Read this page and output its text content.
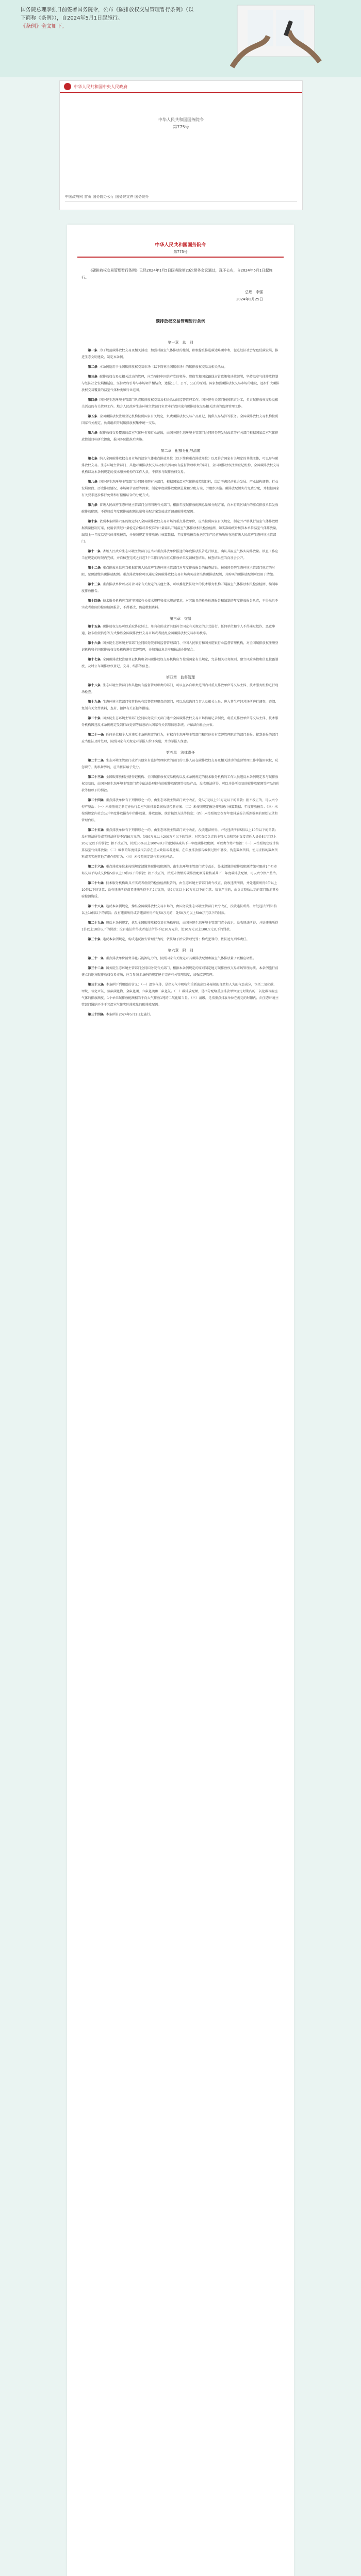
国务院总理李强日前签署国务院令，公布《碳排放权交易管理暂行条例》（以
下简称《条例》），自2024年5月1日起施行。
《条例》全文如下。
中华人民共和国中央人民政府
中华人民共和国国务院令
第775号
中国政府网 首页 国务院办公厅 国务院文件 国务院令
中华人民共和国国务院令
第775号
《碳排放权交易管理暂行条例》已经2024年1月5日国务院第23次常务会议通过，现予公布，自2024年5月1日起施行。
总理　李强
2024年1月25日
碳排放权交易管理暂行条例
第一章　总　则
第一条 为了规范碳排放权交易及相关活动，加强对温室气体排放的控制，积极稳妥推进碳达峰碳中和，促进经济社会绿色低碳发展，推进生态文明建设，制定本条例。
第二条 本条例适用于全国碳排放权交易市场（以下简称全国碳市场）的碳排放权交易及相关活动。
第三条 碳排放权交易及相关活动的管理，应当坚持中国共产党的领导，贯彻党和国家路线方针政策和决策部署，坚持温室气体排放控制与经济社会发展相适应，坚持政府引导与市场调节相结合，遵循公开、公平、公正的原则。国家加强碳排放权交易市场的建设，逐步扩大碳排放权交易覆盖的温室气体种类和行业范围。
第四条 国务院生态环境主管部门负责碳排放权交易及相关活动的监督管理工作。国务院有关部门按照职责分工，负责碳排放权交易及相关活动的有关管理工作。地方人民政府生态环境主管部门负责本行政区域内碳排放权交易相关活动的监督管理工作。
第五条 全国碳排放权注册登记机构按照国家有关规定，负责碳排放权交易产品登记，提供交易结算等服务。全国碳排放权交易机构按照国家有关规定，负责组织开展碳排放权集中统一交易。
第六条 碳排放权交易覆盖的温室气体种类和行业范围，由国务院生态环境主管部门会同国务院发展改革等有关部门根据国家温室气体排放控制目标研究提出，报国务院批准后实施。
第二章　配额分配与清缴
第七条 纳入全国碳排放权交易市场的温室气体重点排放单位（以下简称重点排放单位）以及符合国家有关规定的其他主体，可以参与碳排放权交易。生态环境主管部门、其他对碳排放权交易及相关活动负有监督管理职责的部门、全国碳排放权注册登记机构、全国碳排放权交易机构以及本条例规定的技术服务机构的工作人员，不得参与碳排放权交易。
第八条 国务院生态环境主管部门会同国务院有关部门，根据国家温室气体排放控制目标，综合考虑经济社会发展、产业结构调整、行业发展阶段、历史排放情况、市场调节需要等因素，制定年度碳排放配额总量和分配方案，并组织实施。碳排放配额实行免费分配，并根据国家有关要求逐步推行免费和有偿相结合的分配方式。
第九条 省级人民政府生态环境主管部门会同同级有关部门，根据年度碳排放配额总量和分配方案，向本行政区域内的重点排放单位发放碳排放配额，不得违反年度碳排放配额总量和分配方案发放或者调剂碳排放配额。
第十条 依照本条例第六条的规定纳入全国碳排放权交易市场的重点排放单位，应当按照国家有关规定，制定并严格执行温室气体排放数据质量控制方案，使用依法经计量检定合格或者校准的计量器具开展温室气体排放相关检验检测，如实准确统计核算本单位温室气体排放量，编制上一年度温室气体排放报告，并按照规定将排放统计核算数据、年度排放报告报送其生产经营场所所在地省级人民政府生态环境主管部门。
第十一条 省级人民政府生态环境主管部门应当对重点排放单位报送的年度排放报告进行核查，确认其温室气体实际排放量。核查工作应当在规定的时限内完成，并自核查完成之日起7个工作日内向重点排放单位反馈核查结果。核查结果应当向社会公开。
第十二条 重点排放单位应当根据省级人民政府生态环境主管部门对年度排放报告的核查结果，按照国务院生态环境主管部门规定的时限，足额清缴其碳排放配额。重点排放单位可以通过全国碳排放权交易市场购买或者出售碳排放配额，其购买的碳排放配额可以用于清缴。
第十三条 重点排放单位以及符合国家有关规定的其他主体，可以委托依法设立的技术服务机构开展温室气体排放相关检验检测、编制年度排放报告。
第十四条 技术服务机构应当遵守国家有关技术规程和技术规范要求，对其出具的检验检测报告和编制的年度排放报告负责，不得出具不实或者虚假的检验检测报告，不得篡改、伪造数据资料。
第三章　交易
第十五条 碳排放权交易可以采取协议转让、单向竞价或者其他符合国家有关规定的方式进行。任何单位和个人不得通过欺诈、恶意串通、散布虚假信息等方式操纵全国碳排放权交易市场或者扰乱全国碳排放权交易市场秩序。
第十六条 国务院生态环境主管部门会同国务院市场监督管理部门、中国人民银行和国务院银行业监督管理机构，对全国碳排放权注册登记机构和全国碳排放权交易机构进行监督管理，并加强信息共享和执法协作配合。
第十七条 全国碳排放权注册登记机构和全国碳排放权交易机构应当按照国家有关规定，完善相关业务规则，建立风险防控和信息披露制度，及时公布碳排放权登记、交易、结算等信息。
第四章　监督管理
第十八条 生态环境主管部门和其他负有监督管理职责的部门，可以在各自职责范围内对重点排放单位等交易主体、技术服务机构进行现场检查。
第十九条 生态环境主管部门和其他负有监督管理职责的部门，可以采取询问当事人及相关人员，进入其生产经营场所进行调查，查阅、复制有关文件资料，查封、扣押有关证据等措施。
第二十条 国务院生态环境主管部门会同国务院有关部门建立全国碳排放权交易市场信用记录制度，将重点排放单位等交易主体、技术服务机构因违反本条例规定受到行政处罚等信息纳入国家有关信用信息系统，并依法向社会公布。
第二十一条 任何单位和个人对违反本条例规定的行为，有权向生态环境主管部门和其他负有监督管理职责的部门举报。接到举报的部门应当依法及时处理，按照国家有关规定对举报人给予奖励，并为举报人保密。
第五章　法律责任
第二十二条 生态环境主管部门或者其他负有监督管理职责的部门的工作人员在碳排放权交易及相关活动的监督管理工作中滥用职权、玩忽职守、徇私舞弊的，应当依法给予处分。
第二十三条 全国碳排放权注册登记机构、全国碳排放权交易机构以及本条例规定的技术服务机构的工作人员违反本条例规定参与碳排放权交易的，由国务院生态环境主管部门责令依法处理持有的碳排放配额等交易产品，没收违法所得，可以并处所交易的碳排放配额等产品的价款等值以下的罚款。
第二十四条 重点排放单位有下列情形之一的，由生态环境主管部门责令改正，处5万元以上50万元以下的罚款；拒不改正的，可以责令停产整治：（一）未按照规定制定并执行温室气体排放数据质量控制方案；（二）未按照规定报送排放统计核算数据、年度排放报告；（三）未按照规定向社会公开年度排放报告中的排放量、排放设施、统计核算方法等信息；（四）未按照规定保存年度排放报告所涉数据的原始记录和管理台账。
第二十五条 重点排放单位有下列情形之一的，由生态环境主管部门责令改正，没收违法所得，并处违法所得5倍以上10倍以下的罚款；没有违法所得或者违法所得不足50万元的，处50万元以上200万元以下的罚款；对其直接负责的主管人员和其他直接责任人员处5万元以上20万元以下的罚款；拒不改正的，按照50%以上100%以下的比例核减其下一年度碳排放配额，可以责令停产整治：（一）未按照规定统计核算温室气体排放量；（二）编制的年度排放报告存在重大缺陷或者遗漏，在年度排放报告编制过程中篡改、伪造数据资料，使用虚假的数据资料或者实施其他弄虚作假行为；（三）未按照规定制作和送检样品。
第二十六条 重点排放单位未按照规定清缴其碳排放配额的，由生态环境主管部门责令改正，处未清缴的碳排放配额清缴时限前1个月市场交易平均成交价格5倍以上10倍以下的罚款；拒不改正的，按照未清缴的碳排放配额等量核减其下一年度碳排放配额，可以责令停产整治。
第二十七条 技术服务机构出具不实或者虚假的检验检测报告的，由生态环境主管部门责令改正，没收违法所得，并处违法所得5倍以上10倍以下的罚款；没有违法所得或者违法所得不足2万元的，处2万元以上10万元以下的罚款；情节严重的，由负责资质认定的部门取消其检验检测资质。
第二十八条 违反本条例规定，操纵全国碳排放权交易市场的，由国务院生态环境主管部门责令改正，没收违法所得，并处违法所得1倍以上10倍以下的罚款；没有违法所得或者违法所得不足50万元的，处50万元以上500万元以下的罚款。
第二十九条 违反本条例规定，扰乱全国碳排放权交易市场秩序的，由国务院生态环境主管部门责令改正，没收违法所得，并处违法所得1倍以上10倍以下的罚款；没有违法所得或者违法所得不足10万元的，处10万元以上100万元以下的罚款。
第三十条 违反本条例规定，构成违反治安管理行为的，依法给予治安管理处罚；构成犯罪的，依法追究刑事责任。
第六章　附　则
第三十一条 重点排放单位消费非化石能源电力的，按照国家有关规定对其碳排放配额和温室气体排放量予以相应调整。
第三十二条 国务院生态环境主管部门会同国务院有关部门，根据本条例规定的原则制定地方碳排放权交易市场管理办法。本条例施行前建立的地方碳排放权交易市场，应当参照本条例的规定健全完善有关管理制度，加强监督管理。
第三十三条 本条例下列用语的含义：（一）温室气体，是指大气中吸收和重新放出红外辐射的自然和人为的气态成分，包括二氧化碳、甲烷、氧化亚氮、氢氟碳化物、全氟化碳、六氟化硫和三氟化氮。（二）碳排放配额，是指分配给重点排放单位规定时期内的二氧化碳等温室气体的排放额度。1个单位碳排放配额相当于向大气排放1吨的二氧化碳当量。（三）清缴，是指重点排放单位在规定的时限内，向生态环境主管部门缴纳不少于其温室气体实际排放量的碳排放配额。
第三十四条 本条例自2024年5月1日起施行。
